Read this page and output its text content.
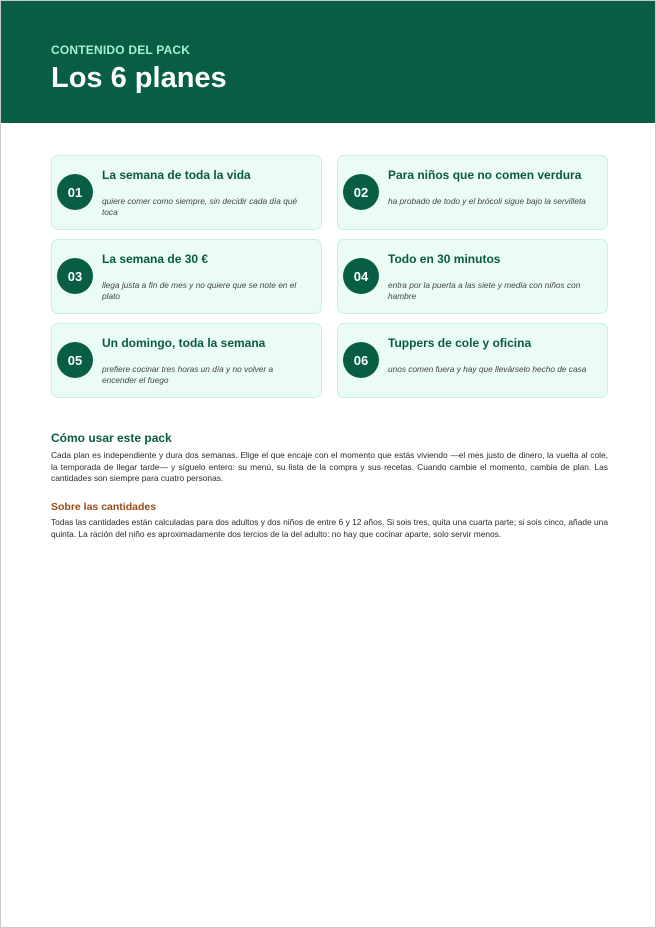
CONTENIDO DEL PACK
Los 6 planes
01
La semana de toda la vida
quiere comer como siempre, sin decidir cada día qué toca
02
Para niños que no comen verdura
ha probado de todo y el brócoli sigue bajo la servilleta
03
La semana de 30 €
llega justa a fin de mes y no quiere que se note en el plato
04
Todo en 30 minutos
entra por la puerta a las siete y media con niños con hambre
05
Un domingo, toda la semana
prefiere cocinar tres horas un día y no volver a encender el fuego
06
Tuppers de cole y oficina
unos comen fuera y hay que llevárselo hecho de casa
Cómo usar este pack

Cada plan es independiente y dura dos semanas. Elige el que encaje con el momento que estás viviendo —el mes justo de dinero, la vuelta al cole, la temporada de llegar tarde— y síguelo entero: su menú, su lista de la compra y sus recetas. Cuando cambie el momento, cambia de plan. Las cantidades son siempre para cuatro personas.

Sobre las cantidades

Todas las cantidades están calculadas para dos adultos y dos niños de entre 6 y 12 años. Si sois tres, quita una cuarta parte; si sois cinco, añade una quinta. La ración del niño es aproximadamente dos tercios de la del adulto: no hay que cocinar aparte, solo servir menos.
